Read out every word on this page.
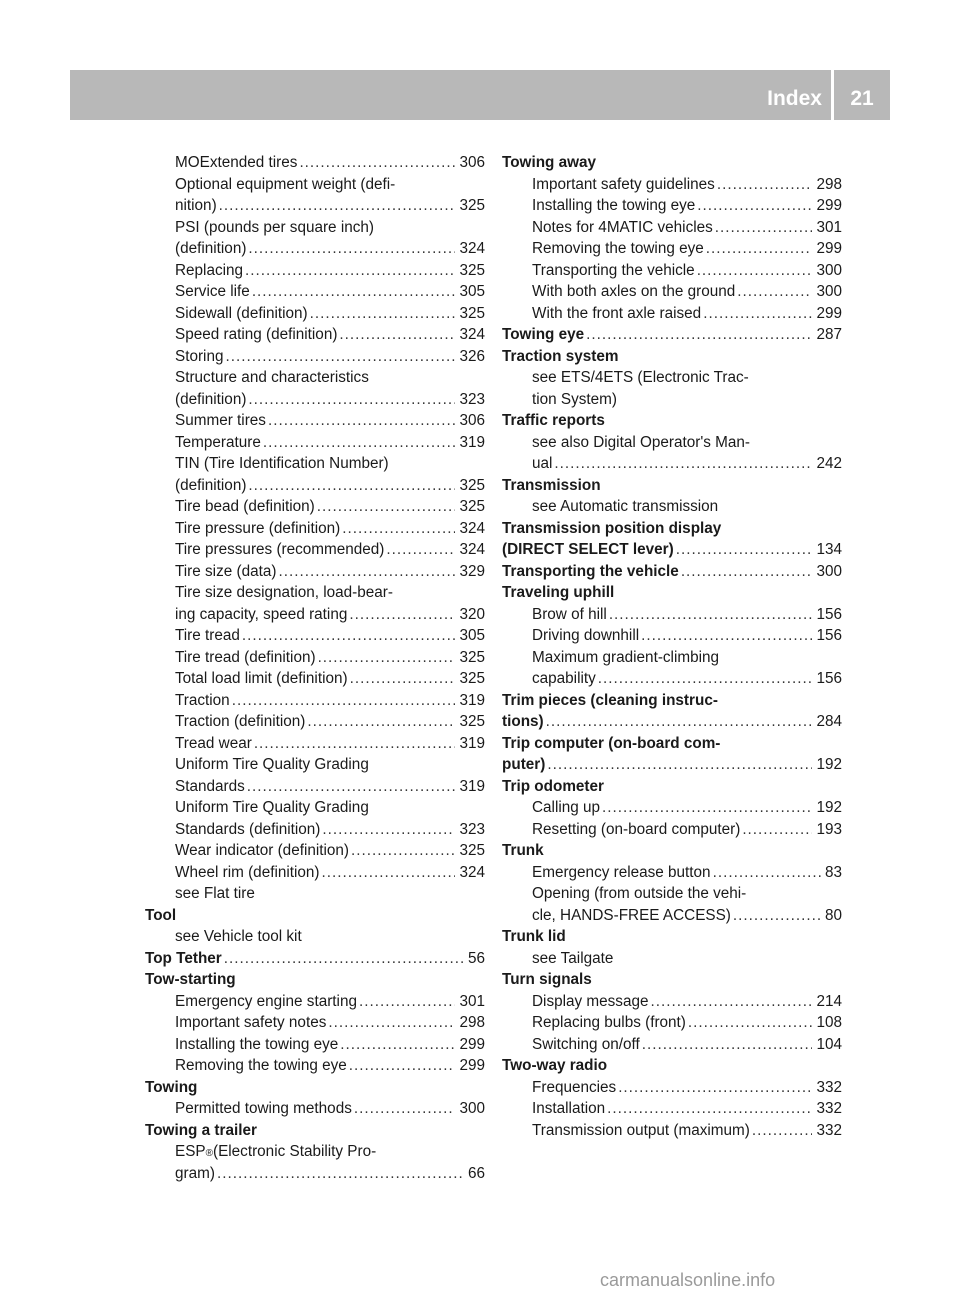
Index	21
MOExtended tires .....	306
Optional equipment weight (defi-
nition) .....	325
PSI (pounds per square inch)
(definition) .....	324
Replacing .....	325
Service life .....	305
Sidewall (definition) .....	325
Speed rating (definition) .....	324
Storing .....	326
Structure and characteristics
(definition) .....	323
Summer tires .....	306
Temperature .....	319
TIN (Tire Identification Number)
(definition) .....	325
Tire bead (definition) .....	325
Tire pressure (definition) .....	324
Tire pressures (recommended) .....	324
Tire size (data) .....	329
Tire size designation, load-bear-
ing capacity, speed rating .....	320
Tire tread .....	305
Tire tread (definition) .....	325
Total load limit (definition) .....	325
Traction .....	319
Traction (definition) .....	325
Tread wear .....	319
Uniform Tire Quality Grading
Standards .....	319
Uniform Tire Quality Grading
Standards (definition) .....	323
Wear indicator (definition) .....	325
Wheel rim (definition) .....	324
see Flat tire
Tool
see Vehicle tool kit
Top Tether .....	56
Tow-starting
Emergency engine starting .....	301
Important safety notes .....	298
Installing the towing eye .....	299
Removing the towing eye .....	299
Towing
Permitted towing methods .....	300
Towing a trailer
ESP ® (Electronic Stability Pro-
gram) .....	66
Towing away
Important safety guidelines .....	298
Installing the towing eye .....	299
Notes for 4MATIC vehicles .....	301
Removing the towing eye .....	299
Transporting the vehicle .....	300
With both axles on the ground .....	300
With the front axle raised .....	299
Towing eye .....	287
Traction system
see ETS/4ETS (Electronic Trac-
tion System)
Traffic reports
see also Digital Operator's Man-
ual .....	242
Transmission
see Automatic transmission
Transmission position display
(DIRECT SELECT lever) .....	134
Transporting the vehicle .....	300
Traveling uphill
Brow of hill .....	156
Driving downhill .....	156
Maximum gradient-climbing
capability .....	156
Trim pieces (cleaning instruc-
tions) .....	284
Trip computer (on-board com-
puter) .....	192
Trip odometer
Calling up .....	192
Resetting (on-board computer) .....	193
Trunk
Emergency release button .....	83
Opening (from outside the vehi-
cle, HANDS-FREE ACCESS) .....	80
Trunk lid
see Tailgate
Turn signals
Display message .....	214
Replacing bulbs (front) .....	108
Switching on/off .....	104
Two-way radio
Frequencies .....	332
Installation .....	332
Transmission output (maximum) .....	332
carmanualsonline.info
